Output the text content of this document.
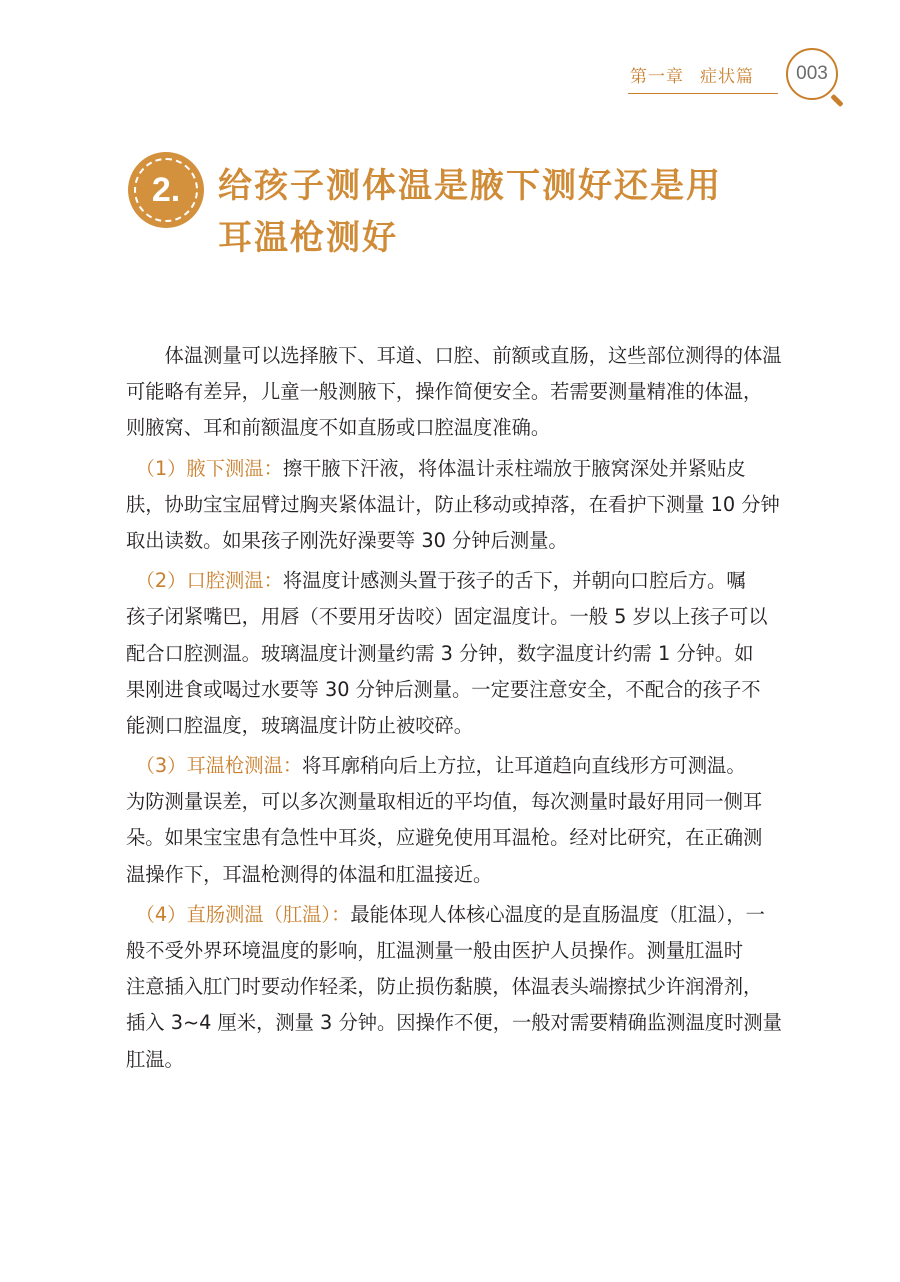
第一章 症状篇	003
2.	给孩子测体温是腋下测好还是用
耳温枪测好
　　体温测量可以选择腋下、耳道、口腔、前额或直肠，这些部位测得的体温
可能略有差异，儿童一般测腋下，操作简便安全。若需要测量精准的体温，
则腋窝、耳和前额温度不如直肠或口腔温度准确。
　（1）腋下测温：擦干腋下汗液，将体温计汞柱端放于腋窝深处并紧贴皮
肤，协助宝宝屈臂过胸夹紧体温计，防止移动或掉落，在看护下测量 10 分钟
取出读数。如果孩子刚洗好澡要等 30 分钟后测量。
　（2）口腔测温：将温度计感测头置于孩子的舌下，并朝向口腔后方。嘱
孩子闭紧嘴巴，用唇（不要用牙齿咬）固定温度计。一般 5 岁以上孩子可以
配合口腔测温。玻璃温度计测量约需 3 分钟，数字温度计约需 1 分钟。如
果刚进食或喝过水要等 30 分钟后测量。一定要注意安全，不配合的孩子不
能测口腔温度，玻璃温度计防止被咬碎。
　（3）耳温枪测温：将耳廓稍向后上方拉，让耳道趋向直线形方可测温。
为防测量误差，可以多次测量取相近的平均值，每次测量时最好用同一侧耳
朵。如果宝宝患有急性中耳炎，应避免使用耳温枪。经对比研究，在正确测
温操作下，耳温枪测得的体温和肛温接近。
　（4）直肠测温（肛温）：最能体现人体核心温度的是直肠温度（肛温），一
般不受外界环境温度的影响，肛温测量一般由医护人员操作。测量肛温时
注意插入肛门时要动作轻柔，防止损伤黏膜，体温表头端擦拭少许润滑剂，
插入 3~4 厘米，测量 3 分钟。因操作不便，一般对需要精确监测温度时测量
肛温。
